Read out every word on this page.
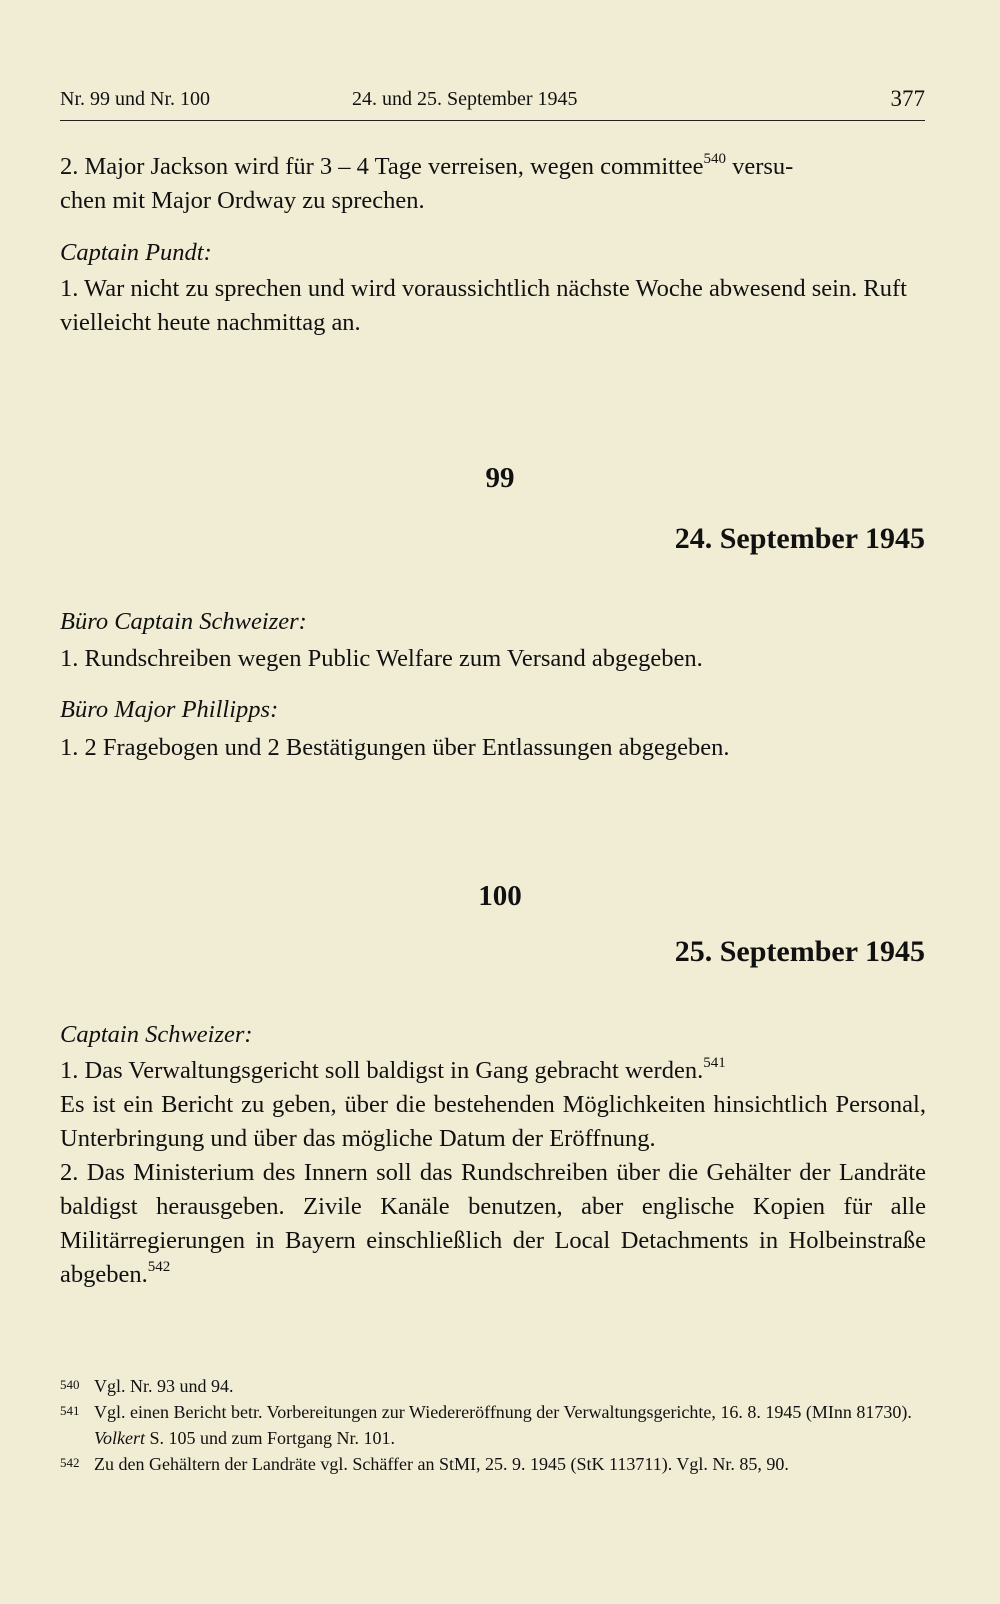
Nr. 99 und Nr. 100	24. und 25. September 1945	377

2. Major Jackson wird für 3 – 4 Tage verreisen, wegen committee$^{540}$ versu-
chen mit Major Ordway zu sprechen.

Captain Pundt:

1. War nicht zu sprechen und wird voraussichtlich nächste Woche abwesend sein. Ruft vielleicht heute nachmittag an.

99

24. September 1945

Büro Captain Schweizer:

1. Rundschreiben wegen Public Welfare zum Versand abgegeben.

Büro Major Phillipps:

1. 2 Fragebogen und 2 Bestätigungen über Entlassungen abgegeben.

100

25. September 1945

Captain Schweizer:

1. Das Verwaltungsgericht soll baldigst in Gang gebracht werden.$^{541}$

Es ist ein Bericht zu geben, über die bestehenden Möglichkeiten hinsichtlich Personal, Unterbringung und über das mögliche Datum der Eröffnung.

2. Das Ministerium des Innern soll das Rundschreiben über die Gehälter der Landräte baldigst herausgeben. Zivile Kanäle benutzen, aber englische Kopien für alle Militärregierungen in Bayern einschließlich der Local Detachments in Holbeinstraße abgeben.$^{542}$

540 Vgl. Nr. 93 und 94.
541 Vgl. einen Bericht betr. Vorbereitungen zur Wiedereröffnung der Verwaltungsgerichte, 16. 8. 1945 (MInn 81730). Volkert S. 105 und zum Fortgang Nr. 101.
542 Zu den Gehältern der Landräte vgl. Schäffer an StMI, 25. 9. 1945 (StK 113711). Vgl. Nr. 85, 90.
